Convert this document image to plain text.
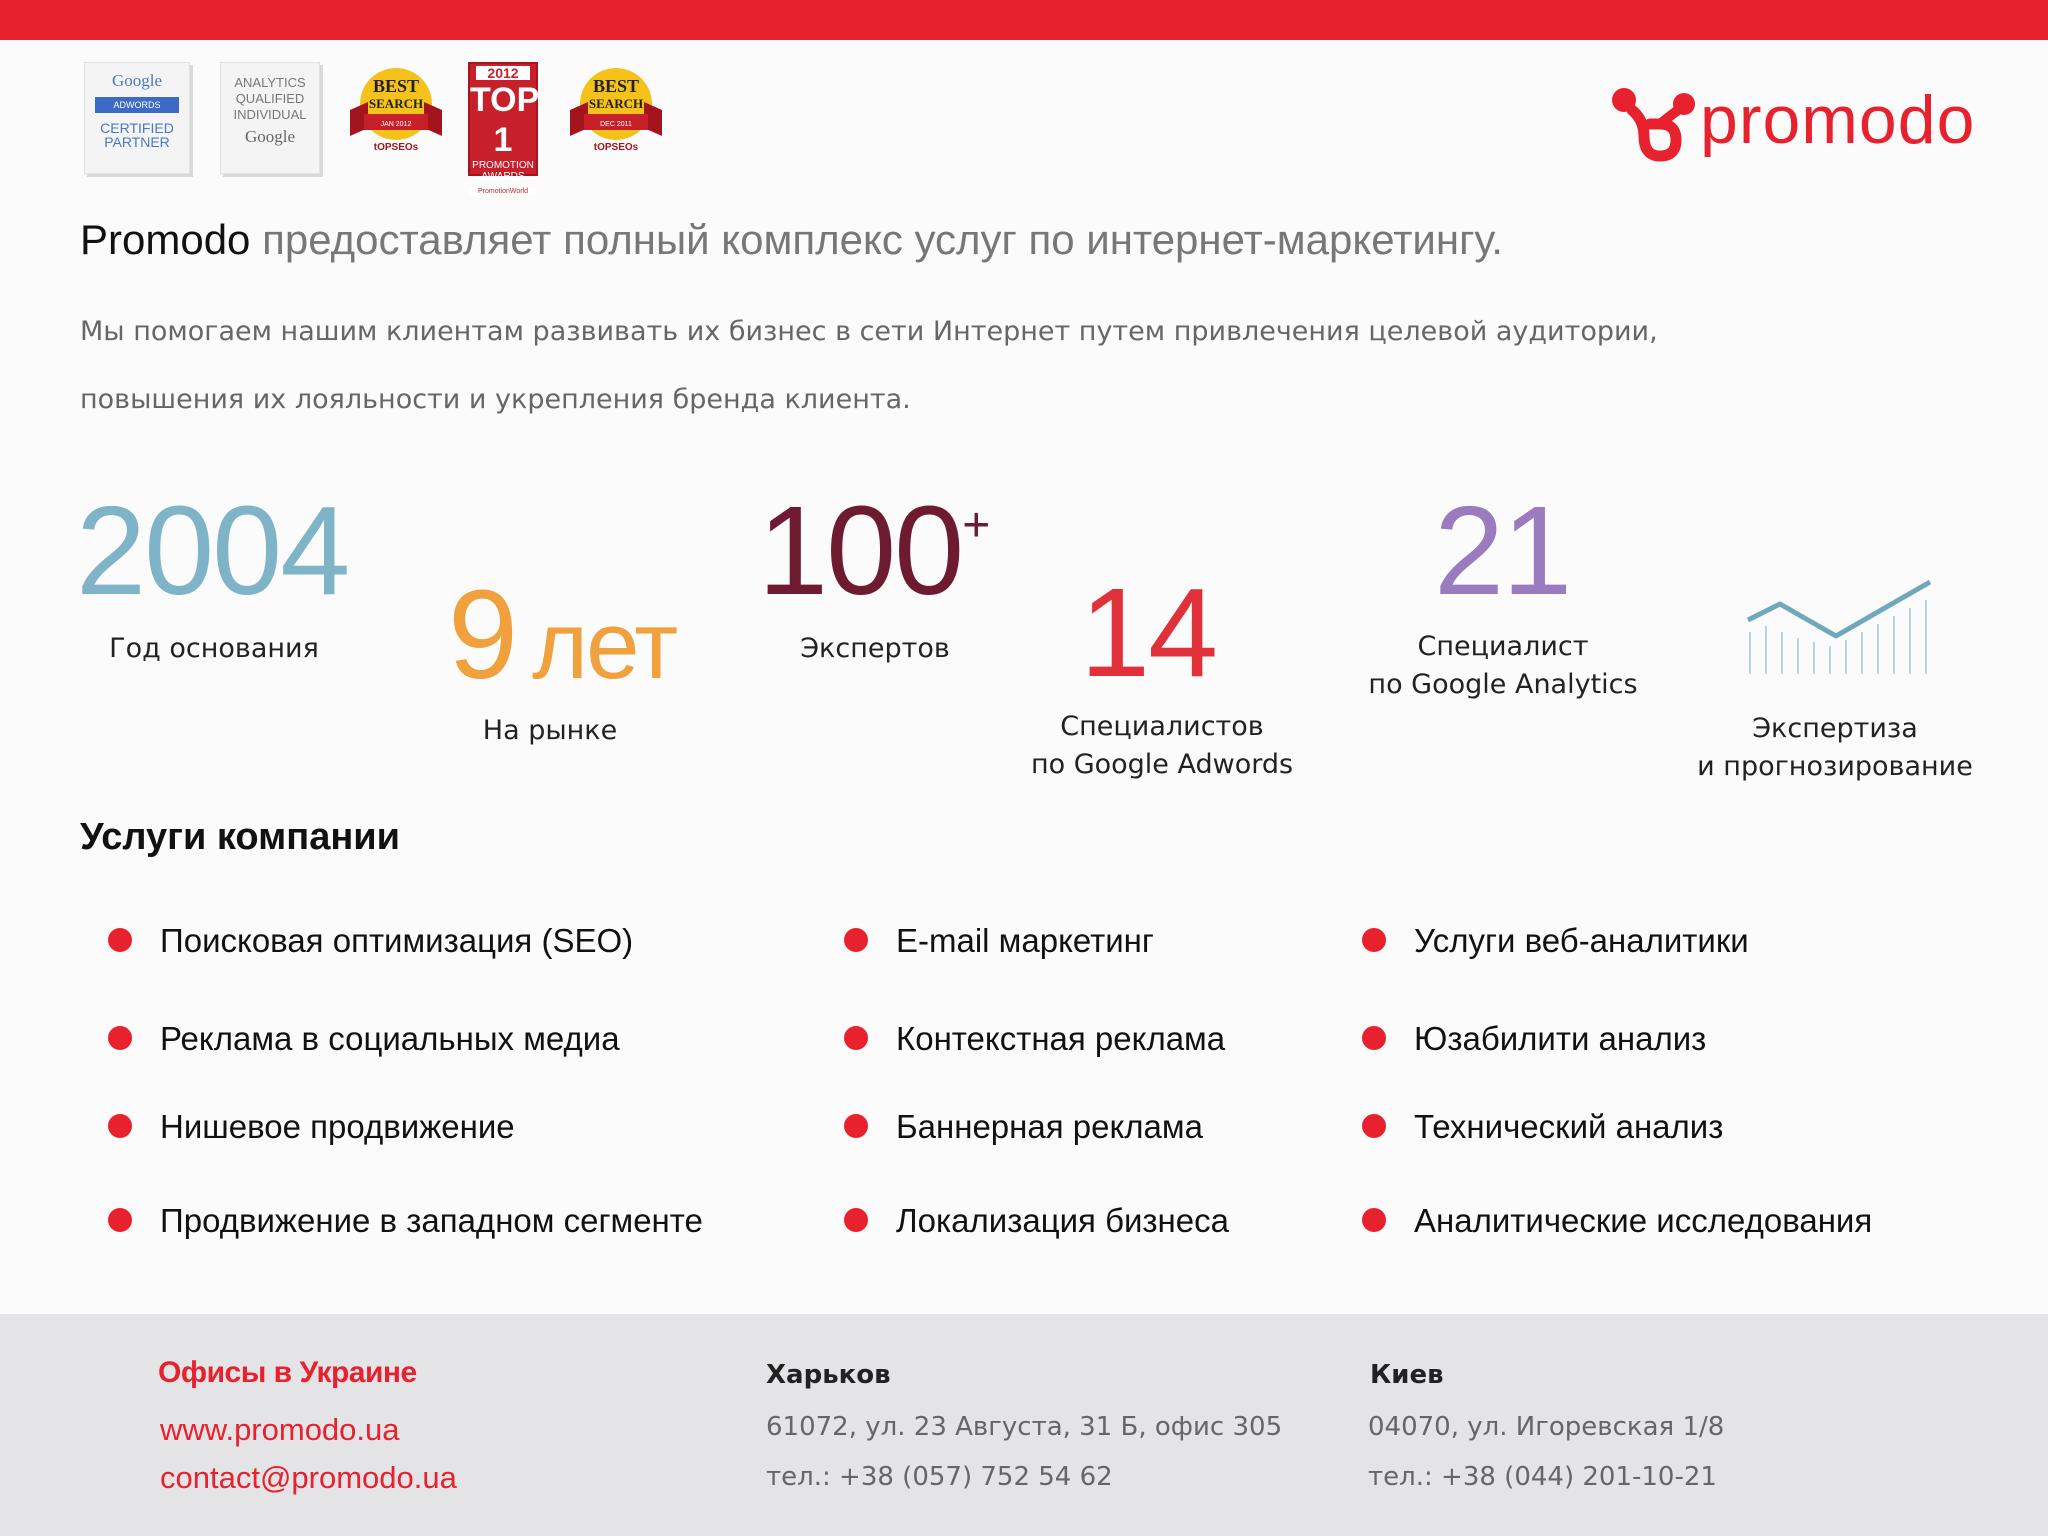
Google
ADWORDS
CERTIFIED
PARTNER
ANALYTICS
QUALIFIED
INDIVIDUAL
Google
BEST
SEARCH
JAN 2012
tOPSEOs
2012
TOP 1
PROMOTION
AWARDS
PromotionWorld
BEST
SEARCH
DEC 2011
tOPSEOs	promodo
Promodo предоставляет полный комплекс услуг по интернет-маркетингу.
Мы помогаем нашим клиентам развивать их бизнес в сети Интернет путем привлечения целевой аудитории,
повышения их лояльности и укрепления бренда клиента.
2004
Год основания 9 лет
На рынке
100+
Экспертов 14
Специалистов
по Google Adwords
21
Специалист
по Google Analytics
Экспертиза
и прогнозирование
Услуги компании
Поисковая оптимизация (SEO)
Реклама в социальных медиа
Нишевое продвижение
Продвижение в западном сегменте
E-mail маркетинг
Контекстная реклама
Баннерная реклама
Локализация бизнеса
Услуги веб-аналитики
Юзабилити анализ
Технический анализ
Аналитические исследования
Офисы в Украине
www.promodo.ua
contact@promodo.ua
Харьков
61072, ул. 23 Августа, 31 Б, офис 305
тел.: +38 (057) 752 54 62
Киев
04070, ул. Игоревская 1/8
тел.: +38 (044) 201-10-21
